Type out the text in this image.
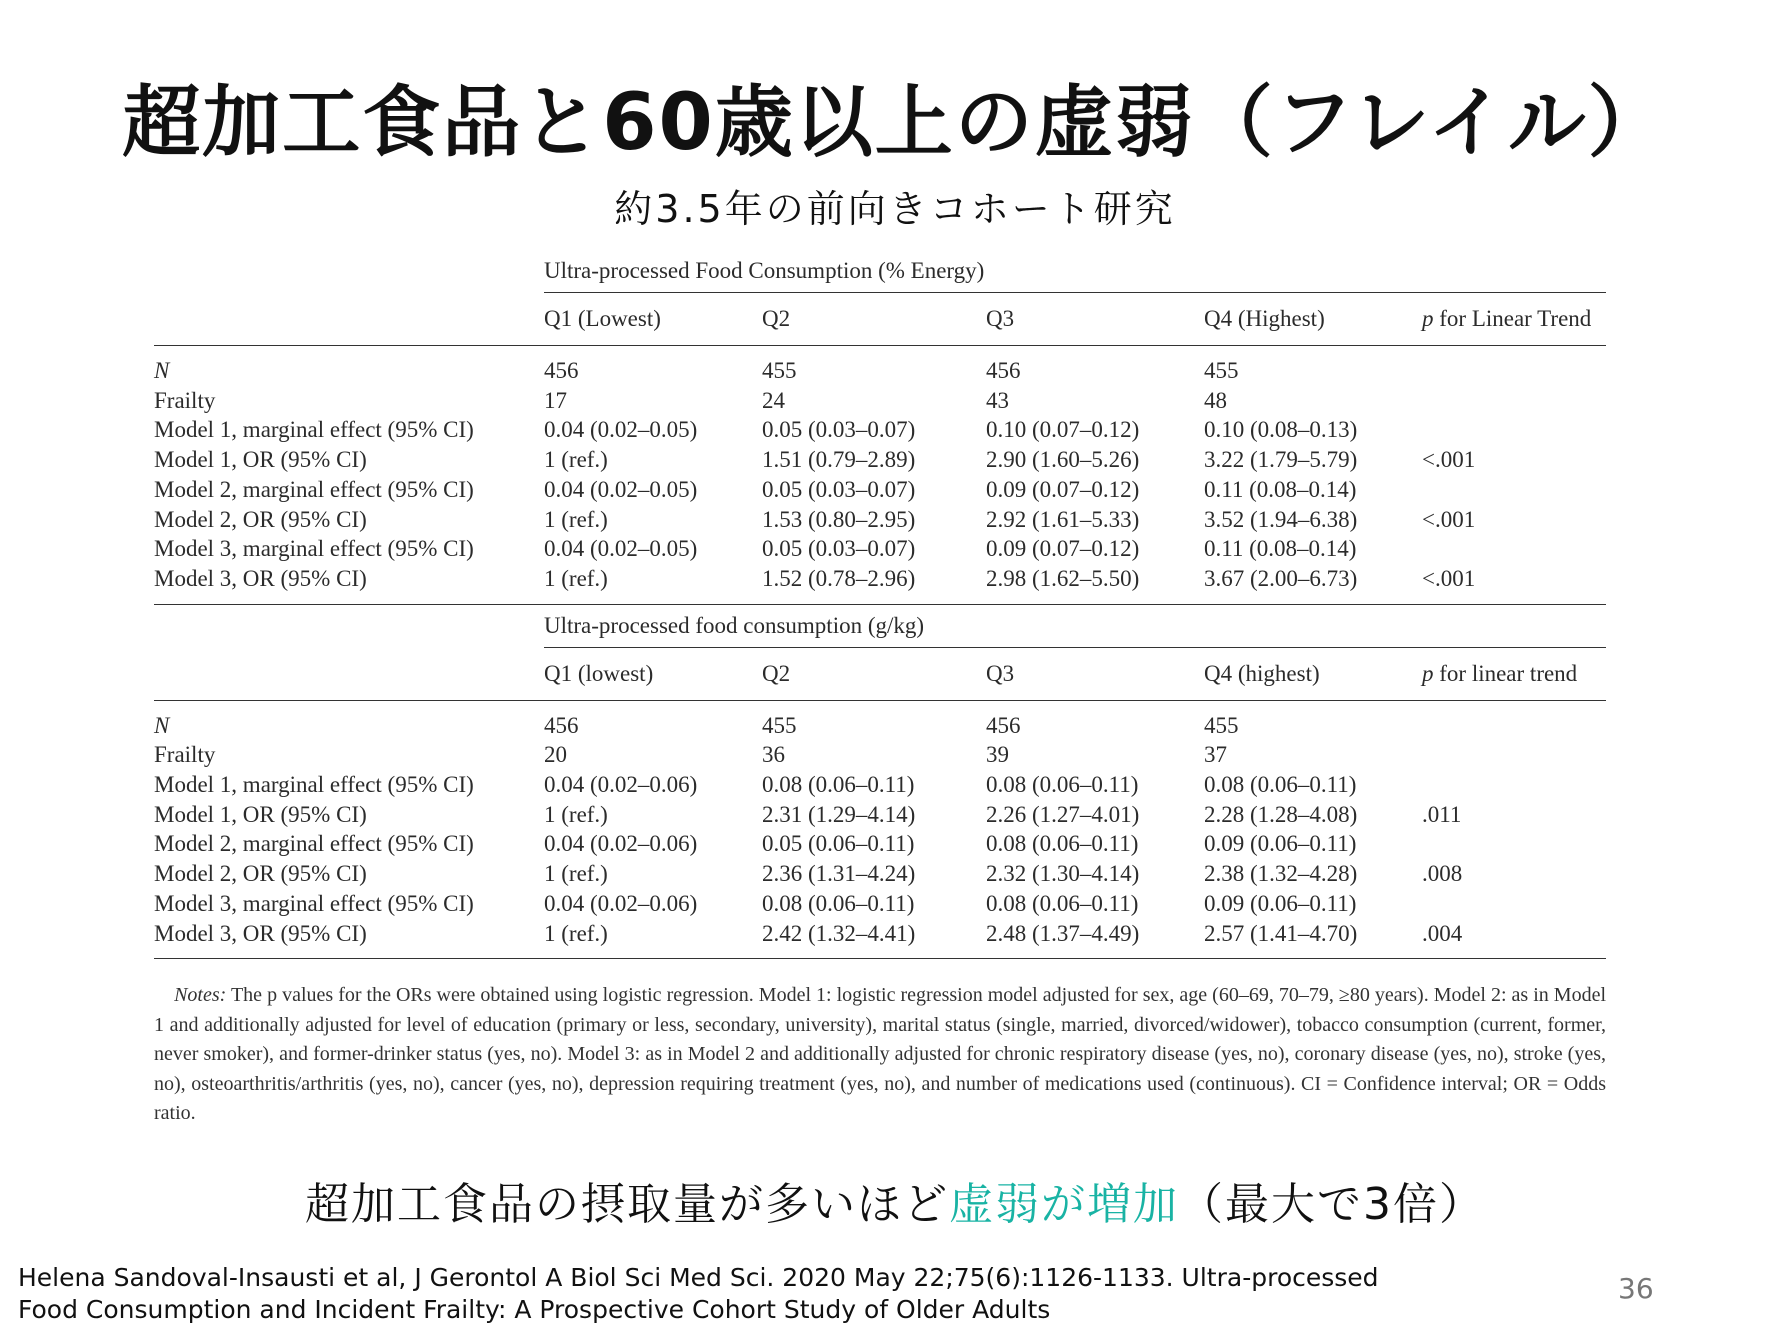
超加工食品と60歳以上の虚弱（フレイル）
約3.5年の前向きコホート研究
Ultra-processed Food Consumption (% Energy)
	Q1 (Lowest)	Q2	Q3	Q4 (Highest)	p for Linear Trend
N	456	455	456	455	
Frailty	17	24	43	48	
Model 1, marginal effect (95% CI)	0.04 (0.02–0.05)	0.05 (0.03–0.07)	0.10 (0.07–0.12)	0.10 (0.08–0.13)	
Model 1, OR (95% CI)	1 (ref.)	1.51 (0.79–2.89)	2.90 (1.60–5.26)	3.22 (1.79–5.79)	<.001
Model 2, marginal effect (95% CI)	0.04 (0.02–0.05)	0.05 (0.03–0.07)	0.09 (0.07–0.12)	0.11 (0.08–0.14)	
Model 2, OR (95% CI)	1 (ref.)	1.53 (0.80–2.95)	2.92 (1.61–5.33)	3.52 (1.94–6.38)	<.001
Model 3, marginal effect (95% CI)	0.04 (0.02–0.05)	0.05 (0.03–0.07)	0.09 (0.07–0.12)	0.11 (0.08–0.14)	
Model 3, OR (95% CI)	1 (ref.)	1.52 (0.78–2.96)	2.98 (1.62–5.50)	3.67 (2.00–6.73)	<.001
Ultra-processed food consumption (g/kg)
	Q1 (lowest)	Q2	Q3	Q4 (highest)	p for linear trend
N	456	455	456	455	
Frailty	20	36	39	37	
Model 1, marginal effect (95% CI)	0.04 (0.02–0.06)	0.08 (0.06–0.11)	0.08 (0.06–0.11)	0.08 (0.06–0.11)	
Model 1, OR (95% CI)	1 (ref.)	2.31 (1.29–4.14)	2.26 (1.27–4.01)	2.28 (1.28–4.08)	.011
Model 2, marginal effect (95% CI)	0.04 (0.02–0.06)	0.05 (0.06–0.11)	0.08 (0.06–0.11)	0.09 (0.06–0.11)	
Model 2, OR (95% CI)	1 (ref.)	2.36 (1.31–4.24)	2.32 (1.30–4.14)	2.38 (1.32–4.28)	.008
Model 3, marginal effect (95% CI)	0.04 (0.02–0.06)	0.08 (0.06–0.11)	0.08 (0.06–0.11)	0.09 (0.06–0.11)	
Model 3, OR (95% CI)	1 (ref.)	2.42 (1.32–4.41)	2.48 (1.37–4.49)	2.57 (1.41–4.70)	.004
Notes: The p values for the ORs were obtained using logistic regression. Model 1: logistic regression model adjusted for sex, age (60–69, 70–79, ≥80 years). Model 2: as in Model 1 and additionally adjusted for level of education (primary or less, secondary, university), marital status (single, married, divorced/widower), tobacco consumption (current, former, never smoker), and former-drinker status (yes, no). Model 3: as in Model 2 and additionally adjusted for chronic respiratory disease (yes, no), coronary disease (yes, no), stroke (yes, no), osteoarthritis/arthritis (yes, no), cancer (yes, no), depression requiring treatment (yes, no), and number of medications used (continuous). CI = Confidence interval; OR = Odds ratio.
超加工食品の摂取量が多いほど虚弱が増加（最大で3倍）
Helena Sandoval-Insausti et al, J Gerontol A Biol Sci Med Sci. 2020 May 22;75(6):1126-1133. Ultra-processed Food Consumption and Incident Frailty: A Prospective Cohort Study of Older Adults
36
